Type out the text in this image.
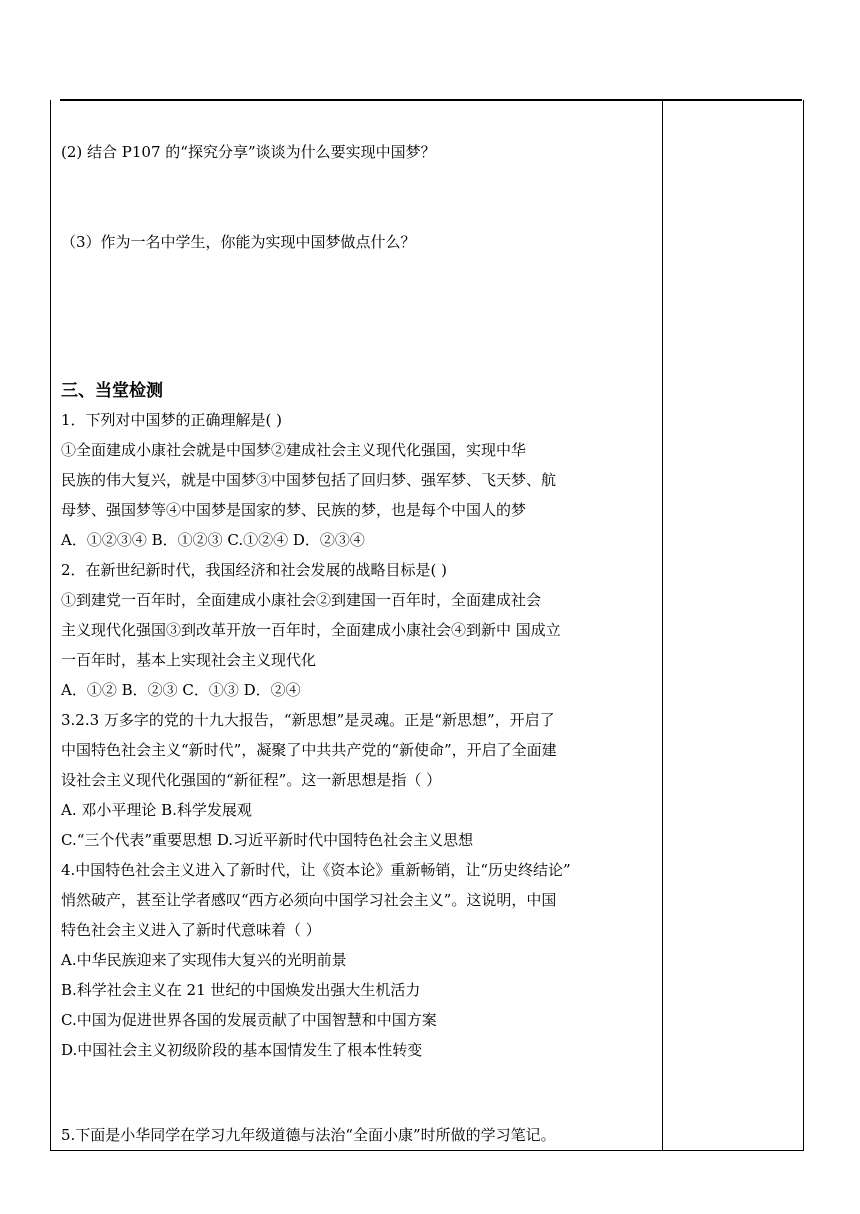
(2) 结合 P107 的“探究分享”谈谈为什么要实现中国梦？
（3）作为一名中学生，你能为实现中国梦做点什么？
三、当堂检测
1．下列对中国梦的正确理解是( )
①全面建成小康社会就是中国梦②建成社会主义现代化强国，实现中华
民族的伟大复兴，就是中国梦③中国梦包括了回归梦、强军梦、飞天梦、航
母梦、强国梦等④中国梦是国家的梦、民族的梦，也是每个中国人的梦
A．①②③④ B．①②③ C.①②④ D．②③④
2．在新世纪新时代，我国经济和社会发展的战略目标是( )
①到建党一百年时，全面建成小康社会②到建国一百年时，全面建成社会
主义现代化强国③到改革开放一百年时，全面建成小康社会④到新中 国成立
一百年时，基本上实现社会主义现代化
A．①② B．②③ C．①③ D．②④
3.2.3 万多字的党的十九大报告，“新思想”是灵魂。正是“新思想”，开启了
中国特色社会主义“新时代”，凝聚了中共共产党的“新使命”，开启了全面建
设社会主义现代化强国的“新征程”。这一新思想是指（ ）
A. 邓小平理论 B.科学发展观
C.“三个代表”重要思想 D.习近平新时代中国特色社会主义思想
4.中国特色社会主义进入了新时代，让《资本论》重新畅销，让“历史终结论”
悄然破产，甚至让学者感叹“西方必须向中国学习社会主义”。这说明，中国
特色社会主义进入了新时代意味着（ ）
A.中华民族迎来了实现伟大复兴的光明前景
B.科学社会主义在 21 世纪的中国焕发出强大生机活力
C.中国为促进世界各国的发展贡献了中国智慧和中国方案
D.中国社会主义初级阶段的基本国情发生了根本性转变
5.下面是小华同学在学习九年级道德与法治“全面小康”时所做的学习笔记。
